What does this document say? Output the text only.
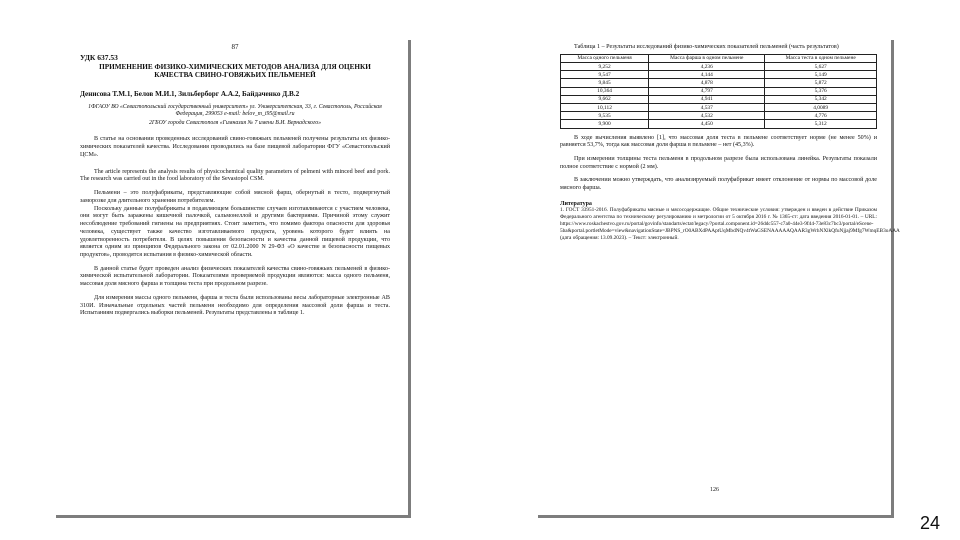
87
УДК 637.53
ПРИМЕНЕНИЕ ФИЗИКО-ХИМИЧЕСКИХ МЕТОДОВ АНАЛИЗА ДЛЯ ОЦЕНКИ КАЧЕСТВА СВИНО-ГОВЯЖЬИХ ПЕЛЬМЕНЕЙ
Денисова Т.М.1, Белов М.И.1, Зильберборг А.А.2, Байдаченко Д.В.2
1ФГАОУ ВО «Севастопольский государственный университет» ул. Университетская, 33, г. Севастополь, Российская Федерация, 299053 e-mail: belov_m_i95@mail.ru
2ГБОУ города Севастополя «Гимназия № 7 имени В.И. Вернадского»

В статье на основании проведенных исследований свино-говяжьих пельменей получены результаты их физико-химических показателей качества. Исследования проводились на базе пищевой лаборатории ФГУ «Севастопольский ЦСМ».

The article represents the analysis results of physicochemical quality parameters of pelmeni with minced beef and pork. The research was carried out in the food laboratory of the Sevastopol CSM.

Пельмени – это полуфабрикаты, представляющие собой мясной фарш, обернутый в тесто, подвергнутый заморозке для длительного хранения потребителем.

Поскольку данные полуфабрикаты в подавляющем большинстве случаев изготавливаются с участием человека, они могут быть заражены кишечной палочкой, сальмонеллой и другими бактериями. Причиной этому служит несоблюдение требований гигиены на предприятиях. Стоит заметить, что помимо фактора опасности для здоровья человека, существует также качество изготавливаемого продукта, уровень которого будет влиять на удовлетворенность потребителя. В целях повышения безопасности и качества данной пищевой продукции, что является одним из принципов Федерального закона от 02.01.2000 N 29-ФЗ «О качестве и безопасности пищевых продуктов», проводятся испытания в физико-химической области.

В данной статье будет проведен анализ физических показателей качества свино-говяжьих пельменей в физико-химической испытательной лаборатории. Показателями проверяемой продукции являются: масса одного пельменя, массовая доля мясного фарша и толщина теста при продольном разрезе.

Для измерения массы одного пельменя, фарша и теста были использованы весы лабораторные электронные АВ 310И. Изначальные отдельных частей пельменя необходимо для определения массовой доли фарша и теста. Испытаниям подвергались выборки пельменей. Результаты представлены в таблице 1.

Таблица 1 – Результаты исследований физико-химических показателей пельменей (часть результатов)
Масса одного пельменя	Масса фарша в одном пельмене	Масса теста в одном пельмене
9,252	4,236	5,627
9,547	4,144	5,149
9,845	4,878	5,872
10,364	4,797	5,376
9,662	4,941	5,342
10,112	4,537	4,0089
9,535	4,532	4,776
9,900	4,450	5,312

В ходе вычисления выявлено [1], что массовая доля теста в пельмене соответствует норме (не менее 50%) и равняется 53,7%, тогда как массовая доля фарша в пельмене – нет (45,3%).

При измерении толщины теста пельменя в продольном разрезе была использована линейка. Результаты показали полное соответствие с нормой (2 мм).

В заключении можно утверждать, что анализируемый полуфабрикат имеет отклонение от нормы по массовой доле мясного фарша.

Литература

1. ГОСТ 33951-2016. Полуфабрикаты мясные и мясосодержащие. Общие технические условия: утвержден и введен в действие Приказом Федерального агентства по техническому регулированию и метрологии от 5 октября 2016 г. № 1365-ст: дата введения 2016-01-01. – URL: https://www.roskachestvo.gov.ru/portal/govinfo/standarts/ectat/legacy/?portal.component.id=26ddc557-c7a0-44e3-9f44-73e83c7bc3/portal/eScene-5ba&portal.portletMode=view&navigationState=JBPNS_rO0ABXdPAAptUqMbdNQv4tWaGSENAAAAAQAAR3gWrhNXlkQfuNjjaj9Mfg7WmqEB3oAAA (дата обращения: 13.09.2023). – Текст: электронный.

126
24
